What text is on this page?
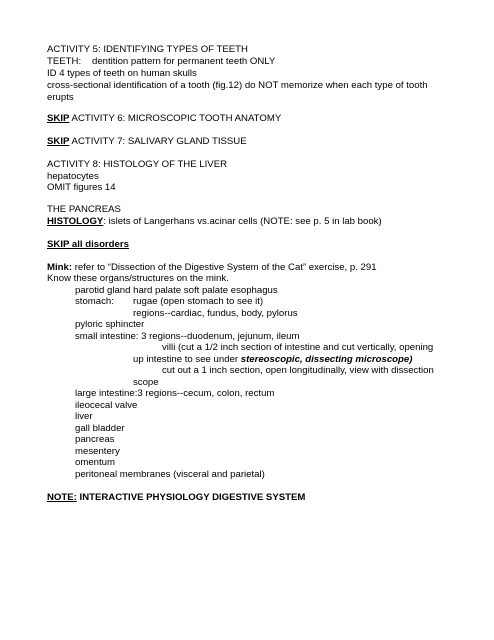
ACTIVITY 5: IDENTIFYING TYPES OF TEETH
TEETH: dentition pattern for permanent teeth ONLY
ID 4 types of teeth on human skulls
cross-sectional identification of a tooth (fig.12) do NOT memorize when each type of tooth
erupts
SKIP ACTIVITY 6: MICROSCOPIC TOOTH ANATOMY
SKIP ACTIVITY 7: SALIVARY GLAND TISSUE
ACTIVITY 8: HISTOLOGY OF THE LIVER
hepatocytes
OMIT figures 14
THE PANCREAS
HISTOLOGY: islets of Langerhans vs.acinar cells (NOTE: see p. 5 in lab book)
SKIP all disorders
Mink: refer to “Dissection of the Digestive System of the Cat” exercise, p. 291
Know these organs/structures on the mink.
parotid gland hard palate soft palate esophagus
stomach: rugae (open stomach to see it)
regions--cardiac, fundus, body, pylorus
pyloric sphincter
small intestine: 3 regions--duodenum, jejunum, ileum
villi (cut a 1/2 inch section of intestine and cut vertically, opening
up intestine to see under stereoscopic, dissecting microscope)
cut out a 1 inch section, open longitudinally, view with dissection
scope
large intestine:3 regions--cecum, colon, rectum
ileocecal valve
liver
gall bladder
pancreas
mesentery
omentum
peritoneal membranes (visceral and parietal)
NOTE: INTERACTIVE PHYSIOLOGY DIGESTIVE SYSTEM
